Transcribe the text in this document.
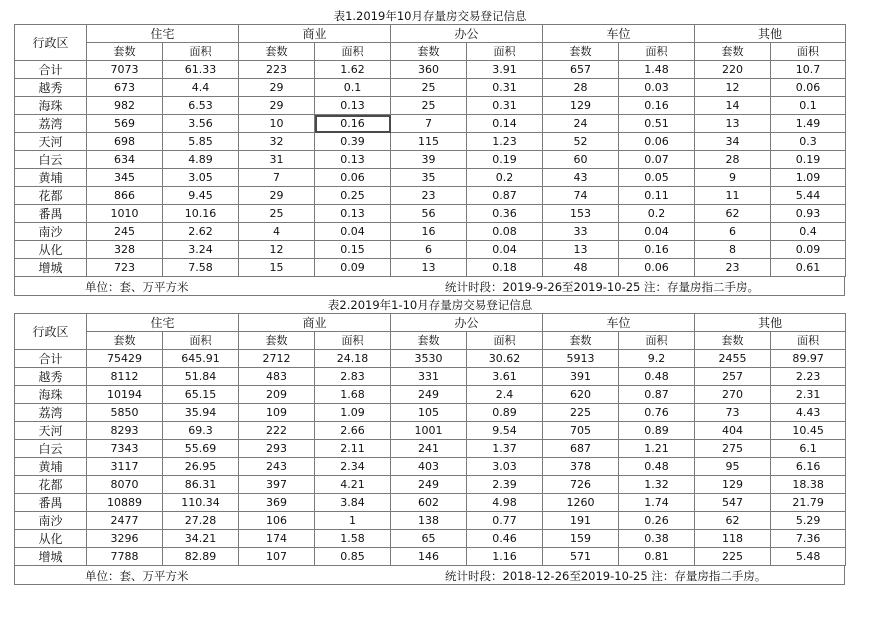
表1.2019年10月存量房交易登记信息										
行政区	住宅		商业		办公		车位		其他	
	套数	面积	套数	面积	套数	面积	套数	面积	套数	面积
合计	7073	61.33	223	1.62	360	3.91	657	1.48	220	10.7
越秀	673	4.4	29	0.1	25	0.31	28	0.03	12	0.06
海珠	982	6.53	29	0.13	25	0.31	129	0.16	14	0.1
荔湾	569	3.56	10	0.16	7	0.14	24	0.51	13	1.49
天河	698	5.85	32	0.39	115	1.23	52	0.06	34	0.3
白云	634	4.89	31	0.13	39	0.19	60	0.07	28	0.19
黄埔	345	3.05	7	0.06	35	0.2	43	0.05	9	1.09
花都	866	9.45	29	0.25	23	0.87	74	0.11	11	5.44
番禺	1010	10.16	25	0.13	56	0.36	153	0.2	62	0.93
南沙	245	2.62	4	0.04	16	0.08	33	0.04	6	0.4
从化	328	3.24	12	0.15	6	0.04	13	0.16	8	0.09
增城	723	7.58	15	0.09	13	0.18	48	0.06	23	0.61
单位：套、万平方米	统计时段：2019-9-26至2019-10-25 注：存量房指二手房。
表2.2019年1-10月存量房交易登记信息										
行政区	住宅		商业		办公		车位		其他	
	套数	面积	套数	面积	套数	面积	套数	面积	套数	面积
合计	75429	645.91	2712	24.18	3530	30.62	5913	9.2	2455	89.97
越秀	8112	51.84	483	2.83	331	3.61	391	0.48	257	2.23
海珠	10194	65.15	209	1.68	249	2.4	620	0.87	270	2.31
荔湾	5850	35.94	109	1.09	105	0.89	225	0.76	73	4.43
天河	8293	69.3	222	2.66	1001	9.54	705	0.89	404	10.45
白云	7343	55.69	293	2.11	241	1.37	687	1.21	275	6.1
黄埔	3117	26.95	243	2.34	403	3.03	378	0.48	95	6.16
花都	8070	86.31	397	4.21	249	2.39	726	1.32	129	18.38
番禺	10889	110.34	369	3.84	602	4.98	1260	1.74	547	21.79
南沙	2477	27.28	106	1	138	0.77	191	0.26	62	5.29
从化	3296	34.21	174	1.58	65	0.46	159	0.38	118	7.36
增城	7788	82.89	107	0.85	146	1.16	571	0.81	225	5.48
单位：套、万平方米	统计时段：2018-12-26至2019-10-25 注：存量房指二手房。
